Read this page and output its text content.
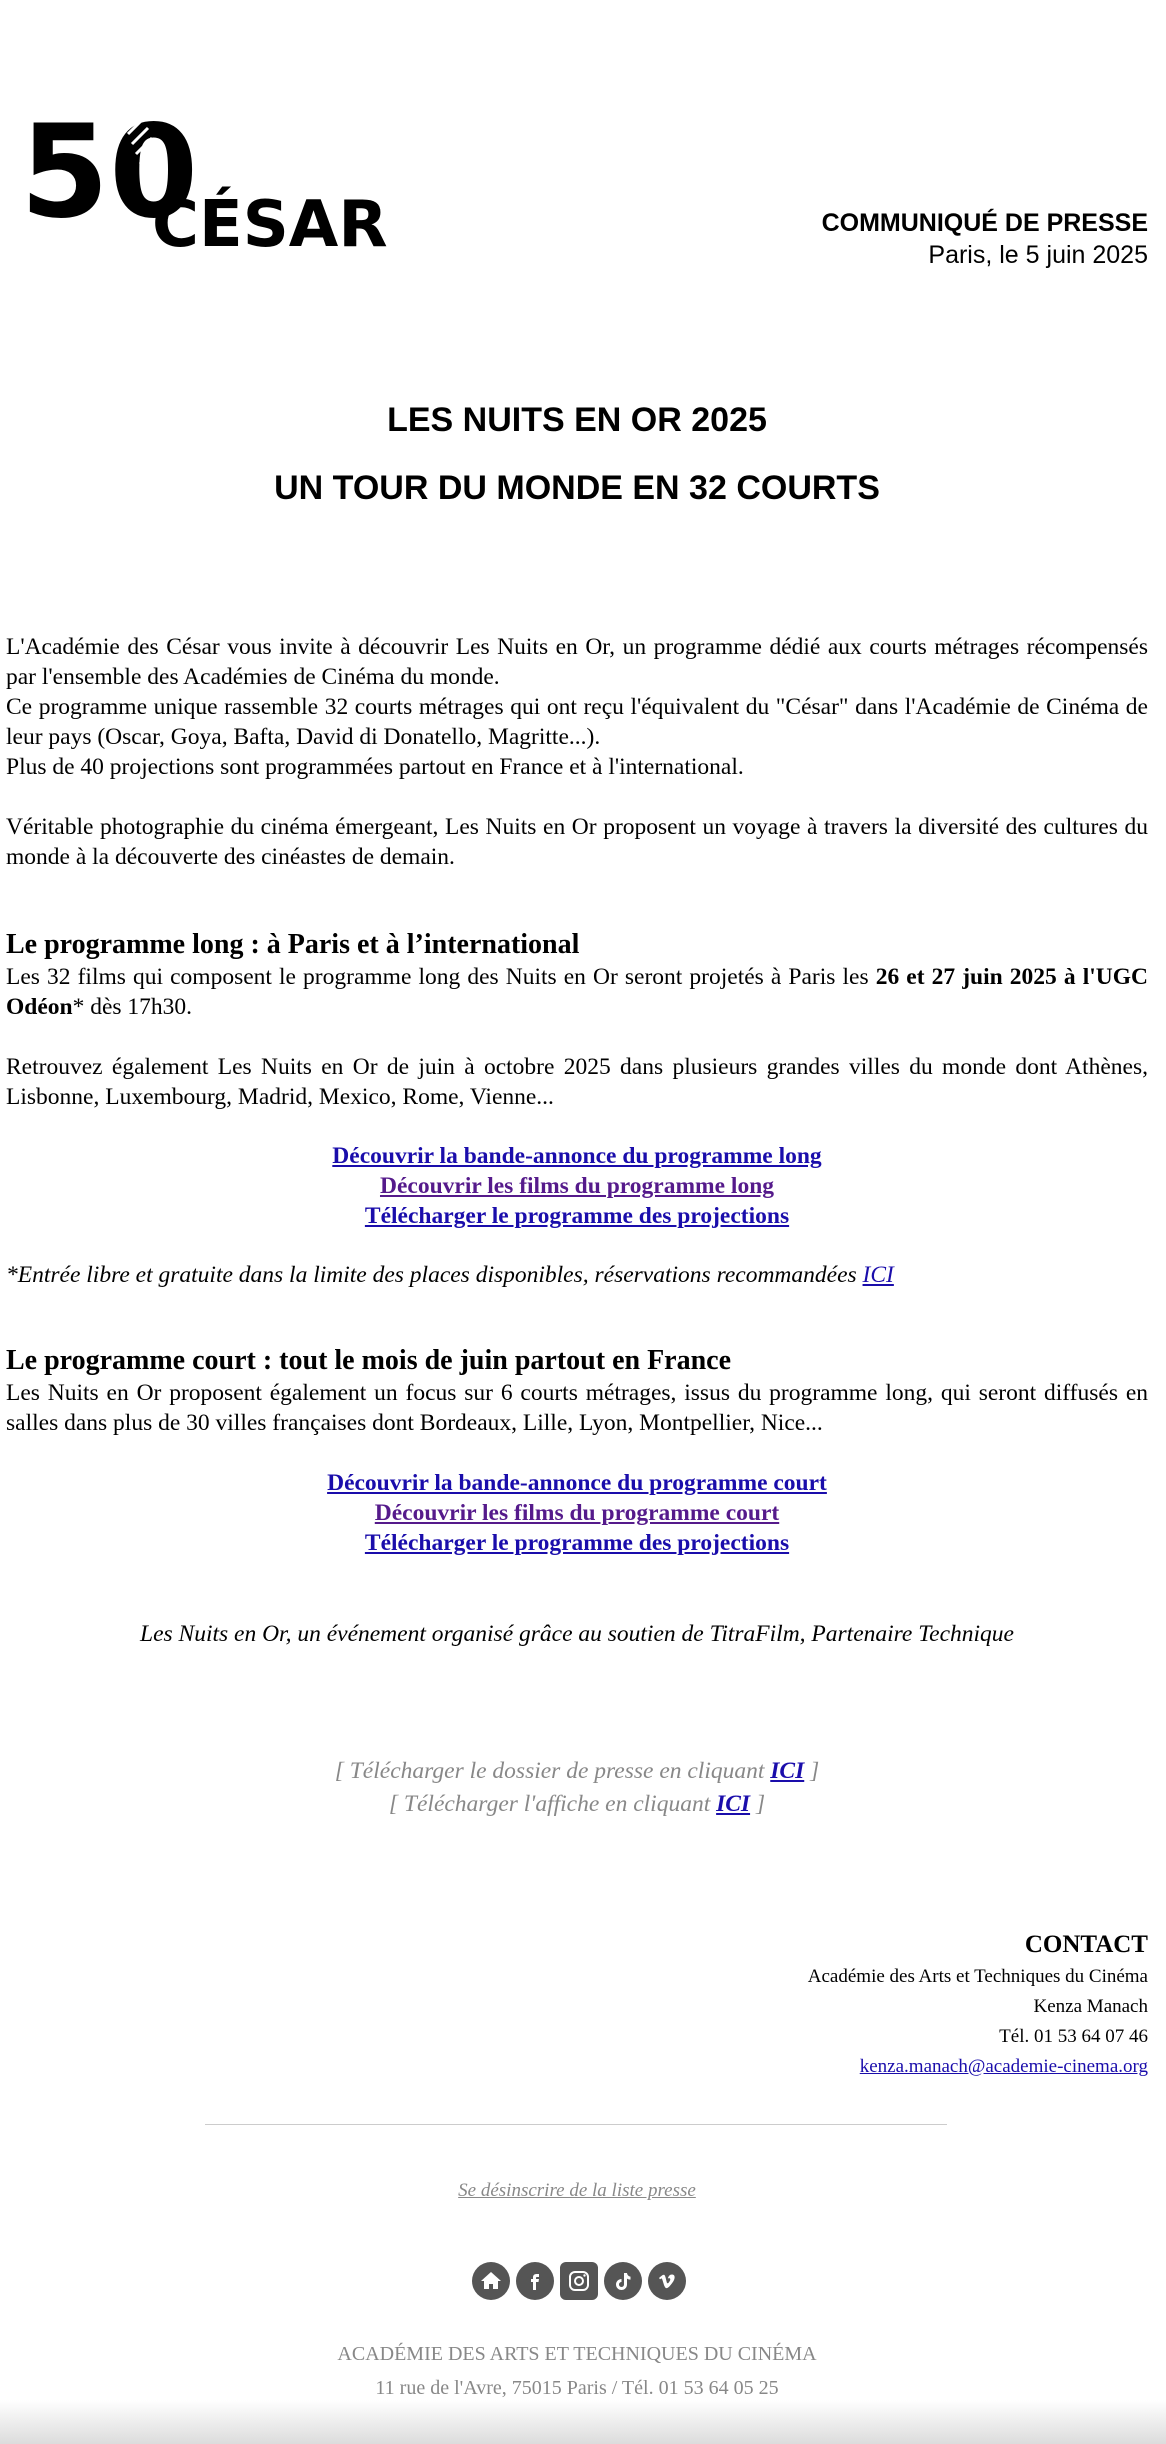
50
CÉSAR	COMMUNIQUÉ DE PRESSE
Paris, le 5 juin 2025
LES NUITS EN OR 2025
UN TOUR DU MONDE EN 32 COURTS

L'Académie des César vous invite à découvrir Les Nuits en Or, un programme dédié aux courts métrages récompensés par l'ensemble des Académies de Cinéma du monde.

Ce programme unique rassemble 32 courts métrages qui ont reçu l'équivalent du "César" dans l'Académie de Cinéma de leur pays (Oscar, Goya, Bafta, David di Donatello, Magritte...).

Plus de 40 projections sont programmées partout en France et à l'international.

Véritable photographie du cinéma émergeant, Les Nuits en Or proposent un voyage à travers la diversité des cultures du monde à la découverte des cinéastes de demain.

Le programme long : à Paris et à l’international

Les 32 films qui composent le programme long des Nuits en Or seront projetés à Paris les 26 et 27 juin 2025 à l'UGC Odéon* dès 17h30.

Retrouvez également Les Nuits en Or de juin à octobre 2025 dans plusieurs grandes villes du monde dont Athènes, Lisbonne, Luxembourg, Madrid, Mexico, Rome, Vienne...

Découvrir la bande-annonce du programme long
Découvrir les films du programme long
Télécharger le programme des projections
*Entrée libre et gratuite dans la limite des places disponibles, réservations recommandées ICI
Le programme court : tout le mois de juin partout en France
Les Nuits en Or proposent également un focus sur 6 courts métrages, issus du programme long, qui seront diffusés en salles dans plus de 30 villes françaises dont Bordeaux, Lille, Lyon, Montpellier, Nice...
Découvrir la bande-annonce du programme court
Découvrir les films du programme court
Télécharger le programme des projections
Les Nuits en Or, un événement organisé grâce au soutien de TitraFilm, Partenaire Technique
[ Télécharger le dossier de presse en cliquant ICI ]
[ Télécharger l'affiche en cliquant ICI ]
CONTACT
Académie des Arts et Techniques du Cinéma
Kenza Manach
Tél. 01 53 64 07 46
kenza.manach@academie-cinema.org
Se désinscrire de la liste presse
ACADÉMIE DES ARTS ET TECHNIQUES DU CINÉMA
11 rue de l'Avre, 75015 Paris / Tél. 01 53 64 05 25
